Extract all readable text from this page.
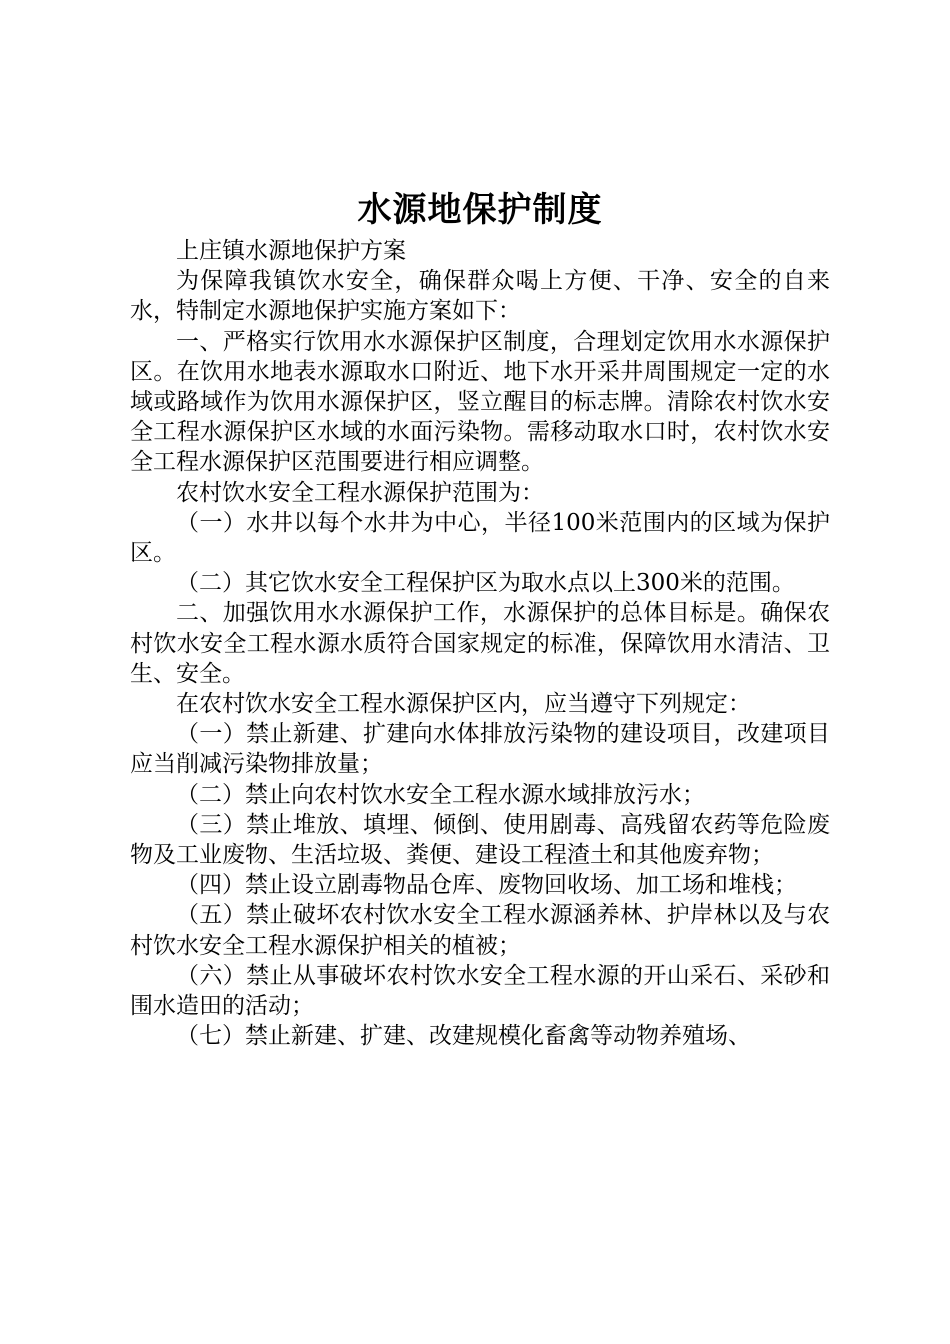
水源地保护制度

上庄镇水源地保护方案

为保障我镇饮水安全，确保群众喝上方便、干净、安全的自来水，特制定水源地保护实施方案如下：

一、严格实行饮用水水源保护区制度，合理划定饮用水水源保护区。在饮用水地表水源取水口附近、地下水开采井周围规定一定的水域或路域作为饮用水源保护区，竖立醒目的标志牌。清除农村饮水安全工程水源保护区水域的水面污染物。需移动取水口时，农村饮水安全工程水源保护区范围要进行相应调整。

农村饮水安全工程水源保护范围为：

（一）水井以每个水井为中心，半径100米范围内的区域为保护区。

（二）其它饮水安全工程保护区为取水点以上300米的范围。

二、加强饮用水水源保护工作，水源保护的总体目标是。确保农村饮水安全工程水源水质符合国家规定的标准，保障饮用水清洁、卫生、安全。

在农村饮水安全工程水源保护区内，应当遵守下列规定：

（一）禁止新建、扩建向水体排放污染物的建设项目，改建项目应当削减污染物排放量；

（二）禁止向农村饮水安全工程水源水域排放污水；

（三）禁止堆放、填埋、倾倒、使用剧毒、高残留农药等危险废物及工业废物、生活垃圾、粪便、建设工程渣土和其他废弃物；

（四）禁止设立剧毒物品仓库、废物回收场、加工场和堆栈；

（五）禁止破坏农村饮水安全工程水源涵养林、护岸林以及与农村饮水安全工程水源保护相关的植被；

（六）禁止从事破坏农村饮水安全工程水源的开山采石、采砂和围水造田的活动；

（七）禁止新建、扩建、改建规模化畜禽等动物养殖场、
